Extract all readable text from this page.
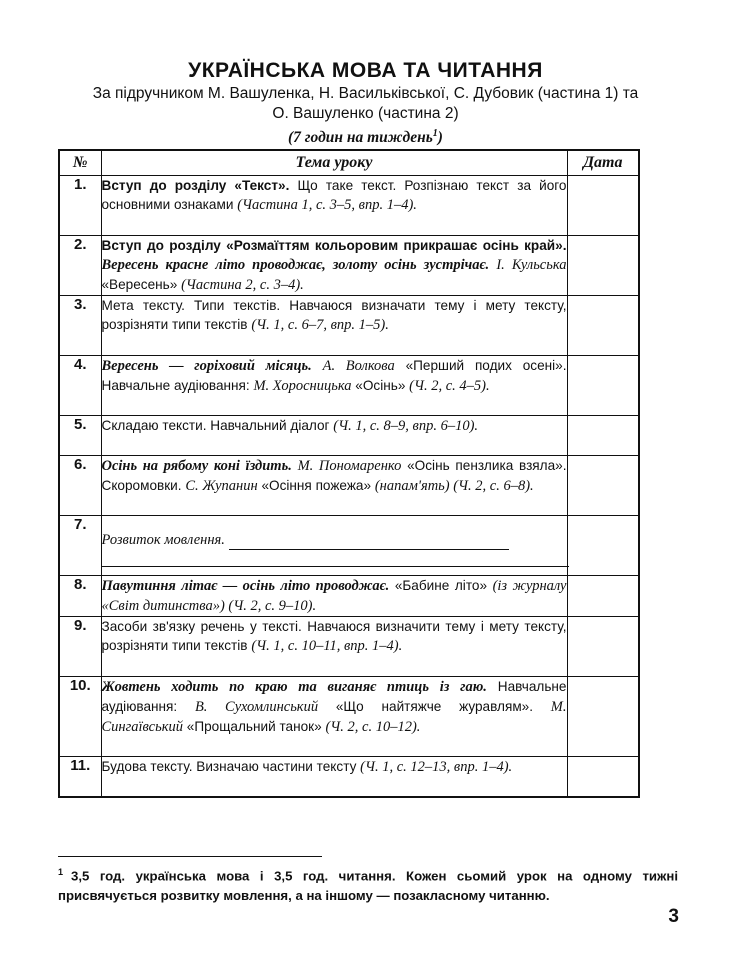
УКРАЇНСЬКА МОВА ТА ЧИТАННЯ
За підручником М. Вашуленка, Н. Васильківської, С. Дубовик (частина 1) та
О. Вашуленко (частина 2)
(7 годин на тиждень$^1$)
№	Тема уроку	Дата
1.	Вступ до розділу «Текст». Що таке текст. Розпізнаю текст за його основними ознаками (Частина 1, с. 3–5, впр. 1–4).	
2.	Вступ до розділу «Розмаїттям кольоровим прикрашає осінь край». Вересень красне літо проводжає, золоту осінь зустрічає. І. Кульська «Вересень» (Частина 2, с. 3–4).	
3.	Мета тексту. Типи текстів. Навчаюся визначати тему і мету тексту, розрізняти типи текстів (Ч. 1, с. 6–7, впр. 1–5).	
4.	Вересень — горіховий місяць. А. Волкова «Перший подих осені». Навчальне аудіювання: М. Хоросницька «Осінь» (Ч. 2, с. 4–5).	
5.	Складаю тексти. Навчальний діалог (Ч. 1, с. 8–9, впр. 6–10).	
6.	Осінь на рябому коні їздить. М. Пономаренко «Осінь пензлика взяла». Скоромовки. С. Жупанин «Осіння пожежа» (напам'ять) (Ч. 2, с. 6–8).	
7.	Розвиток мовлення.

8.	Павутиння літає — осінь літо проводжає. «Бабине літо» (із журналу «Світ дитинства») (Ч. 2, с. 9–10).	
9.	Засоби зв'язку речень у тексті. Навчаюся визначити тему і мету тексту, розрізняти типи текстів (Ч. 1, с. 10–11, впр. 1–4).	
10.	Жовтень ходить по краю та виганяє птиць із гаю. Навчальне аудіювання: В. Сухомлинський «Що найтяжче журавлям». М. Сингаївський «Прощальний танок» (Ч. 2, с. 10–12).	
11.	Будова тексту. Визначаю частини тексту (Ч. 1, с. 12–13, впр. 1–4).	
$^1$ 3,5 год. українська мова і 3,5 год. читання. Кожен сьомий урок на одному тижні присвячується розвитку мовлення, а на іншому — позакласному читанню.
3
